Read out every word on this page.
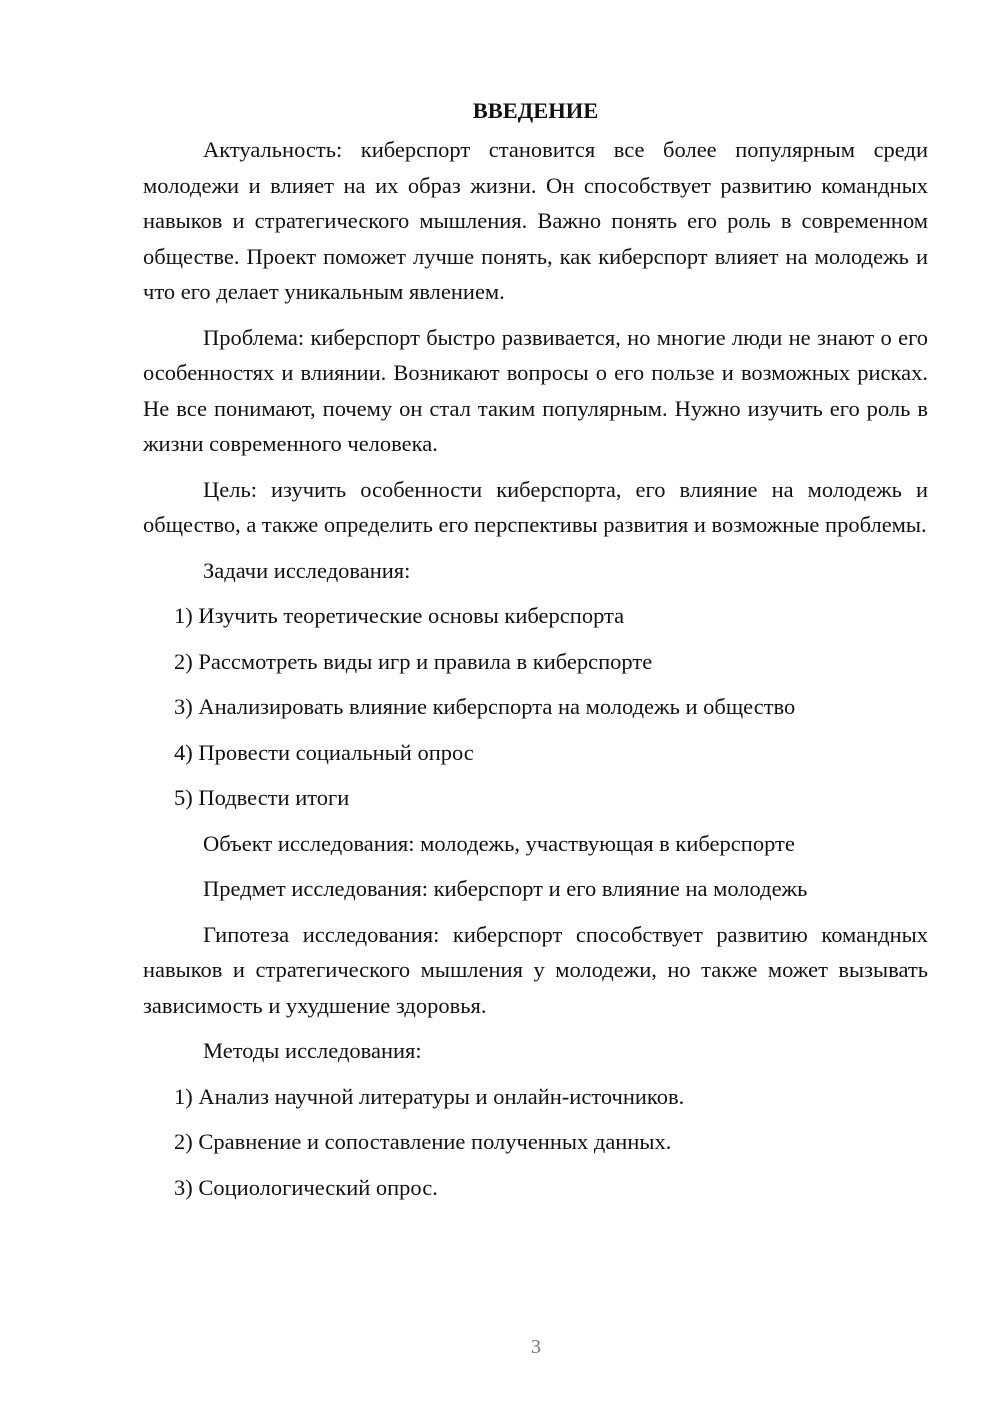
ВВЕДЕНИЕ
Актуальность: киберспорт становится все более популярным среди молодежи и влияет на их образ жизни. Он способствует развитию командных навыков и стратегического мышления. Важно понять его роль в современном обществе. Проект поможет лучше понять, как киберспорт влияет на молодежь и что его делает уникальным явлением.
Проблема: киберспорт быстро развивается, но многие люди не знают о его особенностях и влиянии. Возникают вопросы о его пользе и возможных рисках. Не все понимают, почему он стал таким популярным. Нужно изучить его роль в жизни современного человека.
Цель: изучить особенности киберспорта, его влияние на молодежь и общество, а также определить его перспективы развития и возможные проблемы.
Задачи исследования:
1) Изучить теоретические основы киберспорта
2) Рассмотреть виды игр и правила в киберспорте
3) Анализировать влияние киберспорта на молодежь и общество
4) Провести социальный опрос
5) Подвести итоги
Объект исследования: молодежь, участвующая в киберспорте
Предмет исследования: киберспорт и его влияние на молодежь
Гипотеза исследования: киберспорт способствует развитию командных навыков и стратегического мышления у молодежи, но также может вызывать зависимость и ухудшение здоровья.
Методы исследования:
1) Анализ научной литературы и онлайн-источников.
2) Сравнение и сопоставление полученных данных.
3) Социологический опрос.
3
